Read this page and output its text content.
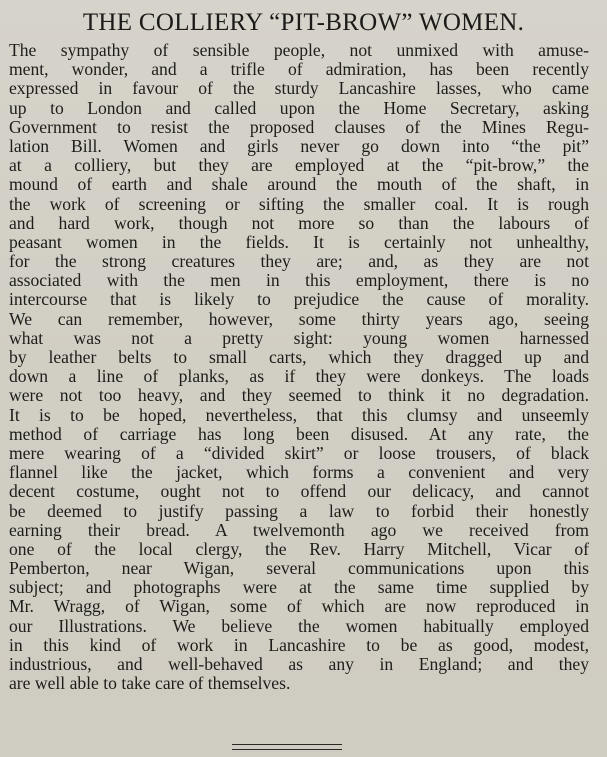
THE COLLIERY “PIT-BROW” WOMEN.
The sympathy of sensible people, not unmixed with amuse-
ment, wonder, and a trifle of admiration, has been recently
expressed in favour of the sturdy Lancashire lasses, who came
up to London and called upon the Home Secretary, asking
Government to resist the proposed clauses of the Mines Regu-
lation Bill. Women and girls never go down into “the pit”
at a colliery, but they are employed at the “pit-brow,” the
mound of earth and shale around the mouth of the shaft, in
the work of screening or sifting the smaller coal. It is rough
and hard work, though not more so than the labours of
peasant women in the fields. It is certainly not unhealthy,
for the strong creatures they are; and, as they are not
associated with the men in this employment, there is no
intercourse that is likely to prejudice the cause of morality.
We can remember, however, some thirty years ago, seeing
what was not a pretty sight: young women harnessed
by leather belts to small carts, which they dragged up and
down a line of planks, as if they were donkeys. The loads
were not too heavy, and they seemed to think it no degradation.
It is to be hoped, nevertheless, that this clumsy and unseemly
method of carriage has long been disused. At any rate, the
mere wearing of a “divided skirt” or loose trousers, of black
flannel like the jacket, which forms a convenient and very
decent costume, ought not to offend our delicacy, and cannot
be deemed to justify passing a law to forbid their honestly
earning their bread. A twelvemonth ago we received from
one of the local clergy, the Rev. Harry Mitchell, Vicar of
Pemberton, near Wigan, several communications upon this
subject; and photographs were at the same time supplied by
Mr. Wragg, of Wigan, some of which are now reproduced in
our Illustrations. We believe the women habitually employed
in this kind of work in Lancashire to be as good, modest,
industrious, and well-behaved as any in England; and they
are well able to take care of themselves.
